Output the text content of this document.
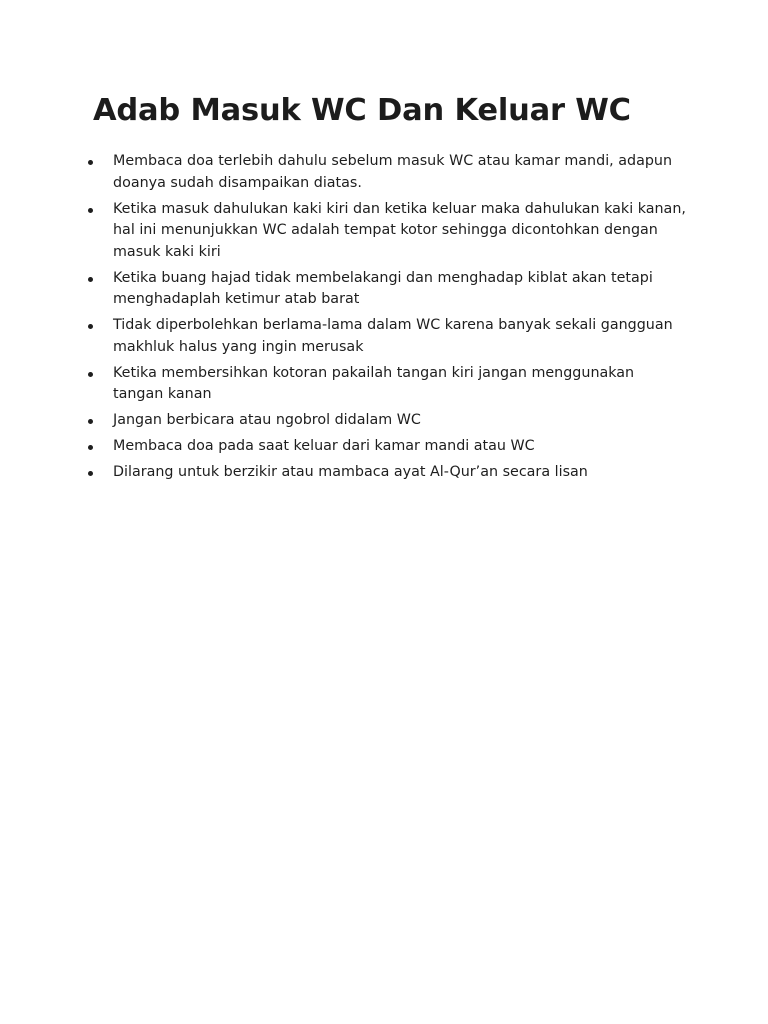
Adab Masuk WC Dan Keluar WC
Membaca doa terlebih dahulu sebelum masuk WC atau kamar mandi, adapun doanya sudah disampaikan diatas.
Ketika masuk dahulukan kaki kiri dan ketika keluar maka dahulukan kaki kanan, hal ini menunjukkan WC adalah tempat kotor sehingga dicontohkan dengan masuk kaki kiri
Ketika buang hajad tidak membelakangi dan menghadap kiblat akan tetapi menghadaplah ketimur atab barat
Tidak diperbolehkan berlama-lama dalam WC karena banyak sekali gangguan makhluk halus yang ingin merusak
Ketika membersihkan kotoran pakailah tangan kiri jangan menggunakan tangan kanan
Jangan berbicara atau ngobrol didalam WC
Membaca doa pada saat keluar dari kamar mandi atau WC
Dilarang untuk berzikir atau mambaca ayat Al-Qur’an secara lisan
